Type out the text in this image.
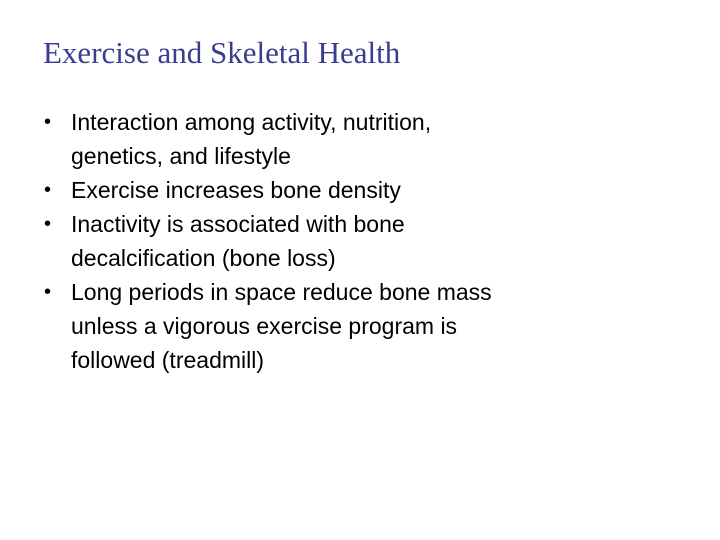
Exercise and Skeletal Health
• Interaction among activity, nutrition,
genetics, and lifestyle
• Exercise increases bone density
• Inactivity is associated with bone
decalcification (bone loss)
• Long periods in space reduce bone mass
unless a vigorous exercise program is
followed (treadmill)
